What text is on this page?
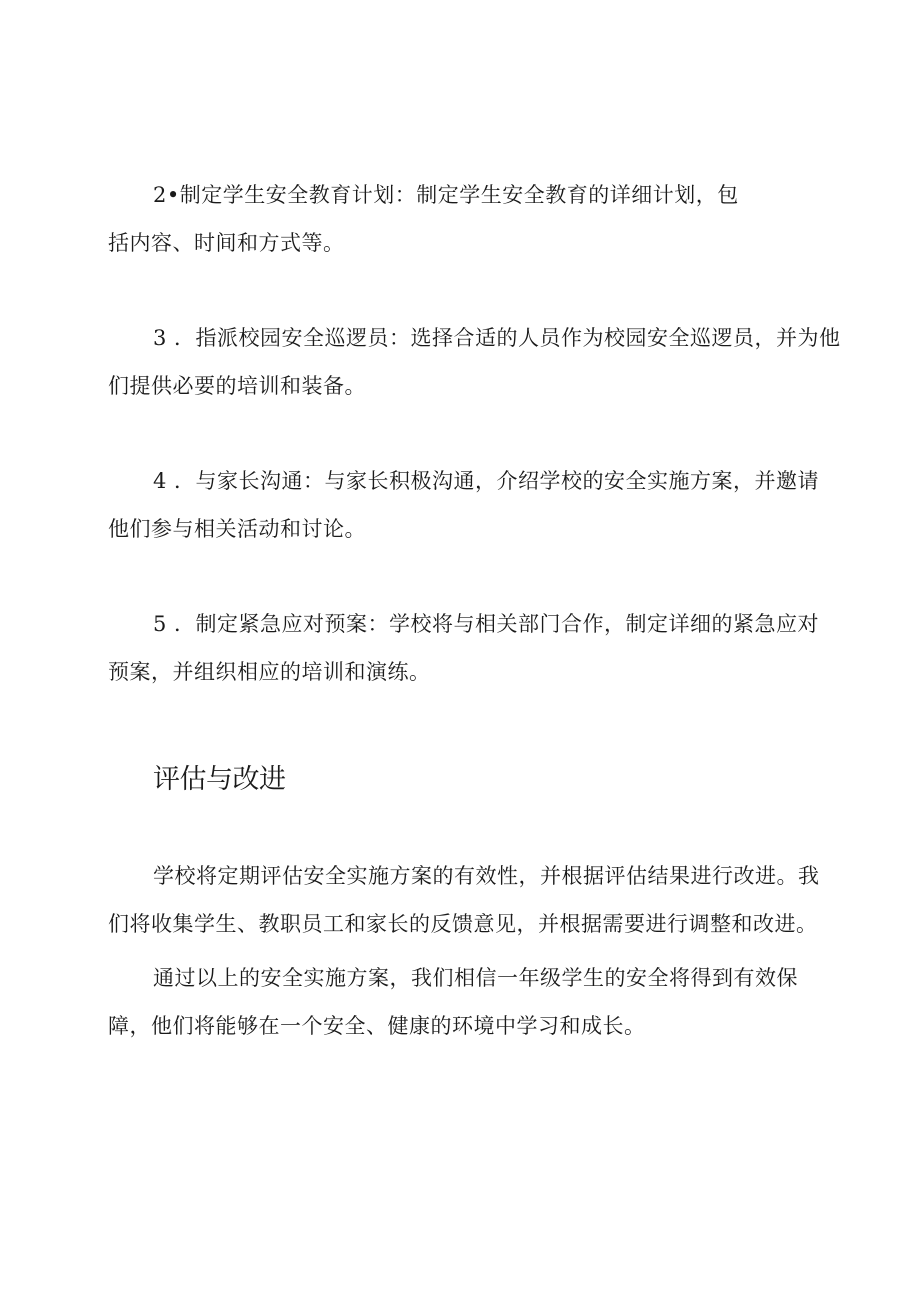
2•制定学生安全教育计划：制定学生安全教育的详细计划，包
括内容、时间和方式等。

3 ．指派校园安全巡逻员：选择合适的人员作为校园安全巡逻员，并为他
们提供必要的培训和装备。

4 ．与家长沟通：与家长积极沟通，介绍学校的安全实施方案，并邀请
他们参与相关活动和讨论。

5 ．制定紧急应对预案：学校将与相关部门合作，制定详细的紧急应对
预案，并组织相应的培训和演练。

评估与改进

学校将定期评估安全实施方案的有效性，并根据评估结果进行改进。我
们将收集学生、教职员工和家长的反馈意见，并根据需要进行调整和改进。

通过以上的安全实施方案，我们相信一年级学生的安全将得到有效保
障，他们将能够在一个安全、健康的环境中学习和成长。
